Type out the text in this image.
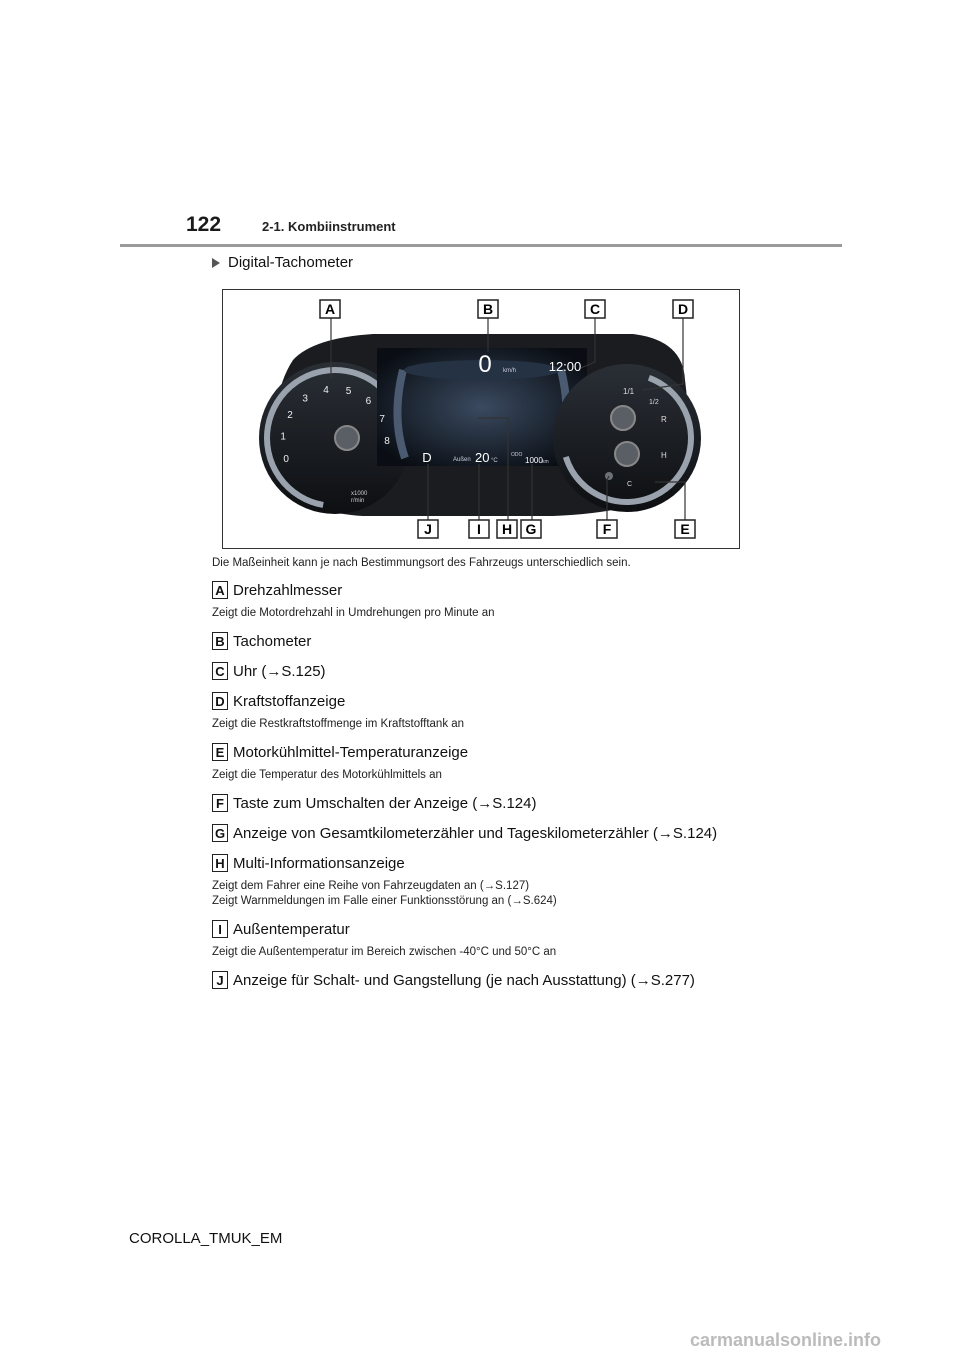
122	2-1. Kombiinstrument
Digital-Tachometer
0 km/h	12:00
D	Außen 20 °C
ODO
1000 km
0
1
2
3
4 5
6
7
8
x1000
r/min
1/1
1/2
R
H
C
A	B	C	D
J	I H G	F	E
Die Maßeinheit kann je nach Bestimmungsort des Fahrzeugs unterschiedlich sein.
A Drehzahlmesser
Zeigt die Motordrehzahl in Umdrehungen pro Minute an
B Tachometer
C Uhr (→S.125)
D Kraftstoffanzeige
Zeigt die Restkraftstoffmenge im Kraftstofftank an
E Motorkühlmittel-Temperaturanzeige
Zeigt die Temperatur des Motorkühlmittels an
F Taste zum Umschalten der Anzeige (→S.124)
G Anzeige von Gesamtkilometerzähler und Tageskilometerzähler (→S.124)
H Multi-Informationsanzeige
Zeigt dem Fahrer eine Reihe von Fahrzeugdaten an (→S.127)
Zeigt Warnmeldungen im Falle einer Funktionsstörung an (→S.624)
I Außentemperatur
Zeigt die Außentemperatur im Bereich zwischen -40°C und 50°C an
J Anzeige für Schalt- und Gangstellung (je nach Ausstattung) (→S.277)
COROLLA_TMUK_EM
carmanualsonline.info
